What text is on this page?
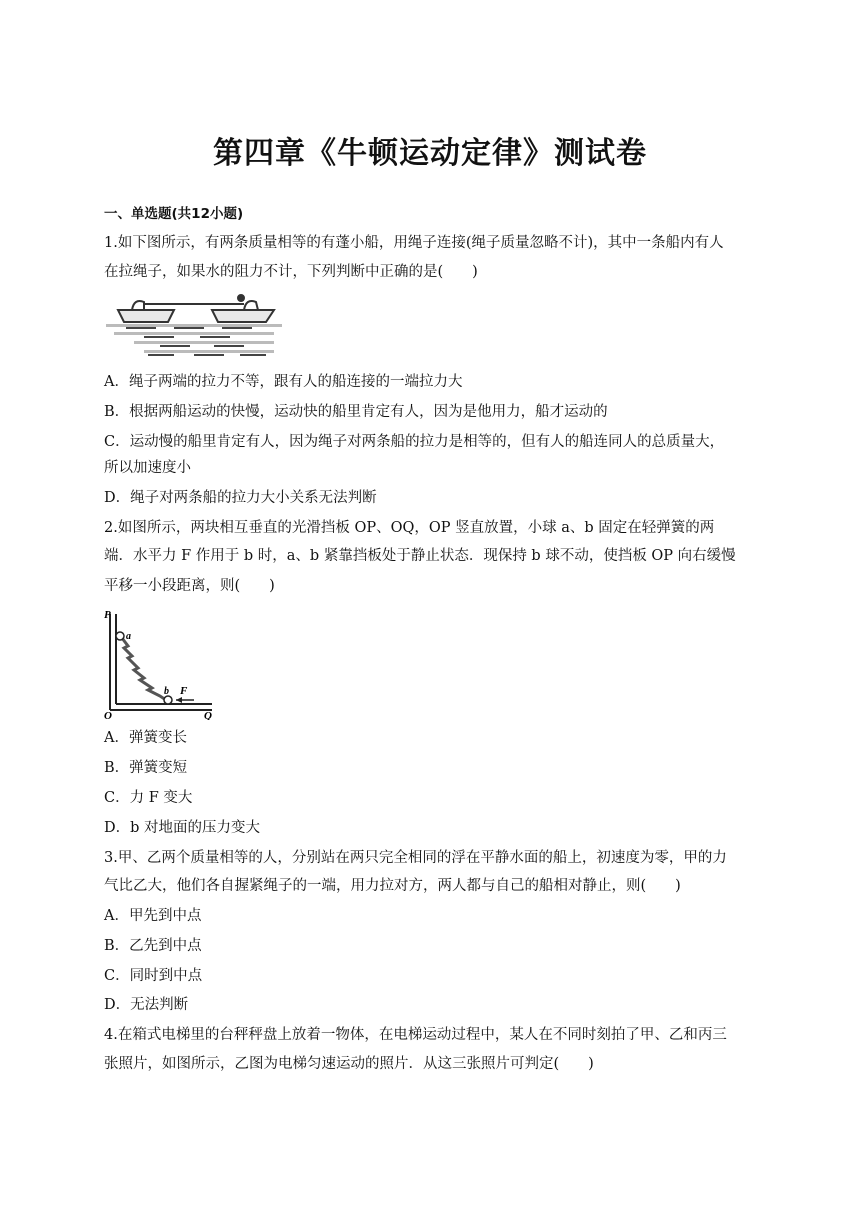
第四章《牛顿运动定律》测试卷
一、单选题(共12小题)
1.如下图所示，有两条质量相等的有蓬小船，用绳子连接(绳子质量忽略不计)，其中一条船内有人
在拉绳子，如果水的阻力不计，下列判断中正确的是(　　)
A．绳子两端的拉力不等，跟有人的船连接的一端拉力大
B．根据两船运动的快慢，运动快的船里肯定有人，因为是他用力，船才运动的
C．运动慢的船里肯定有人，因为绳子对两条船的拉力是相等的，但有人的船连同人的总质量大，
所以加速度小
D．绳子对两条船的拉力大小关系无法判断
2.如图所示，两块相互垂直的光滑挡板 OP、OQ，OP 竖直放置，小球 a、b 固定在轻弹簧的两
端．水平力 F 作用于 b 时，a、b 紧靠挡板处于静止状态．现保持 b 球不动，使挡板 OP 向右缓慢
平移一小段距离，则(　　)
P
a
b F
O	Q
A．弹簧变长
B．弹簧变短
C．力 F 变大
D．b 对地面的压力变大
3.甲、乙两个质量相等的人，分别站在两只完全相同的浮在平静水面的船上，初速度为零，甲的力
气比乙大，他们各自握紧绳子的一端，用力拉对方，两人都与自己的船相对静止，则(　　)
A．甲先到中点
B．乙先到中点
C．同时到中点
D．无法判断
4.在箱式电梯里的台秤秤盘上放着一物体，在电梯运动过程中，某人在不同时刻拍了甲、乙和丙三
张照片，如图所示，乙图为电梯匀速运动的照片．从这三张照片可判定(　　)
